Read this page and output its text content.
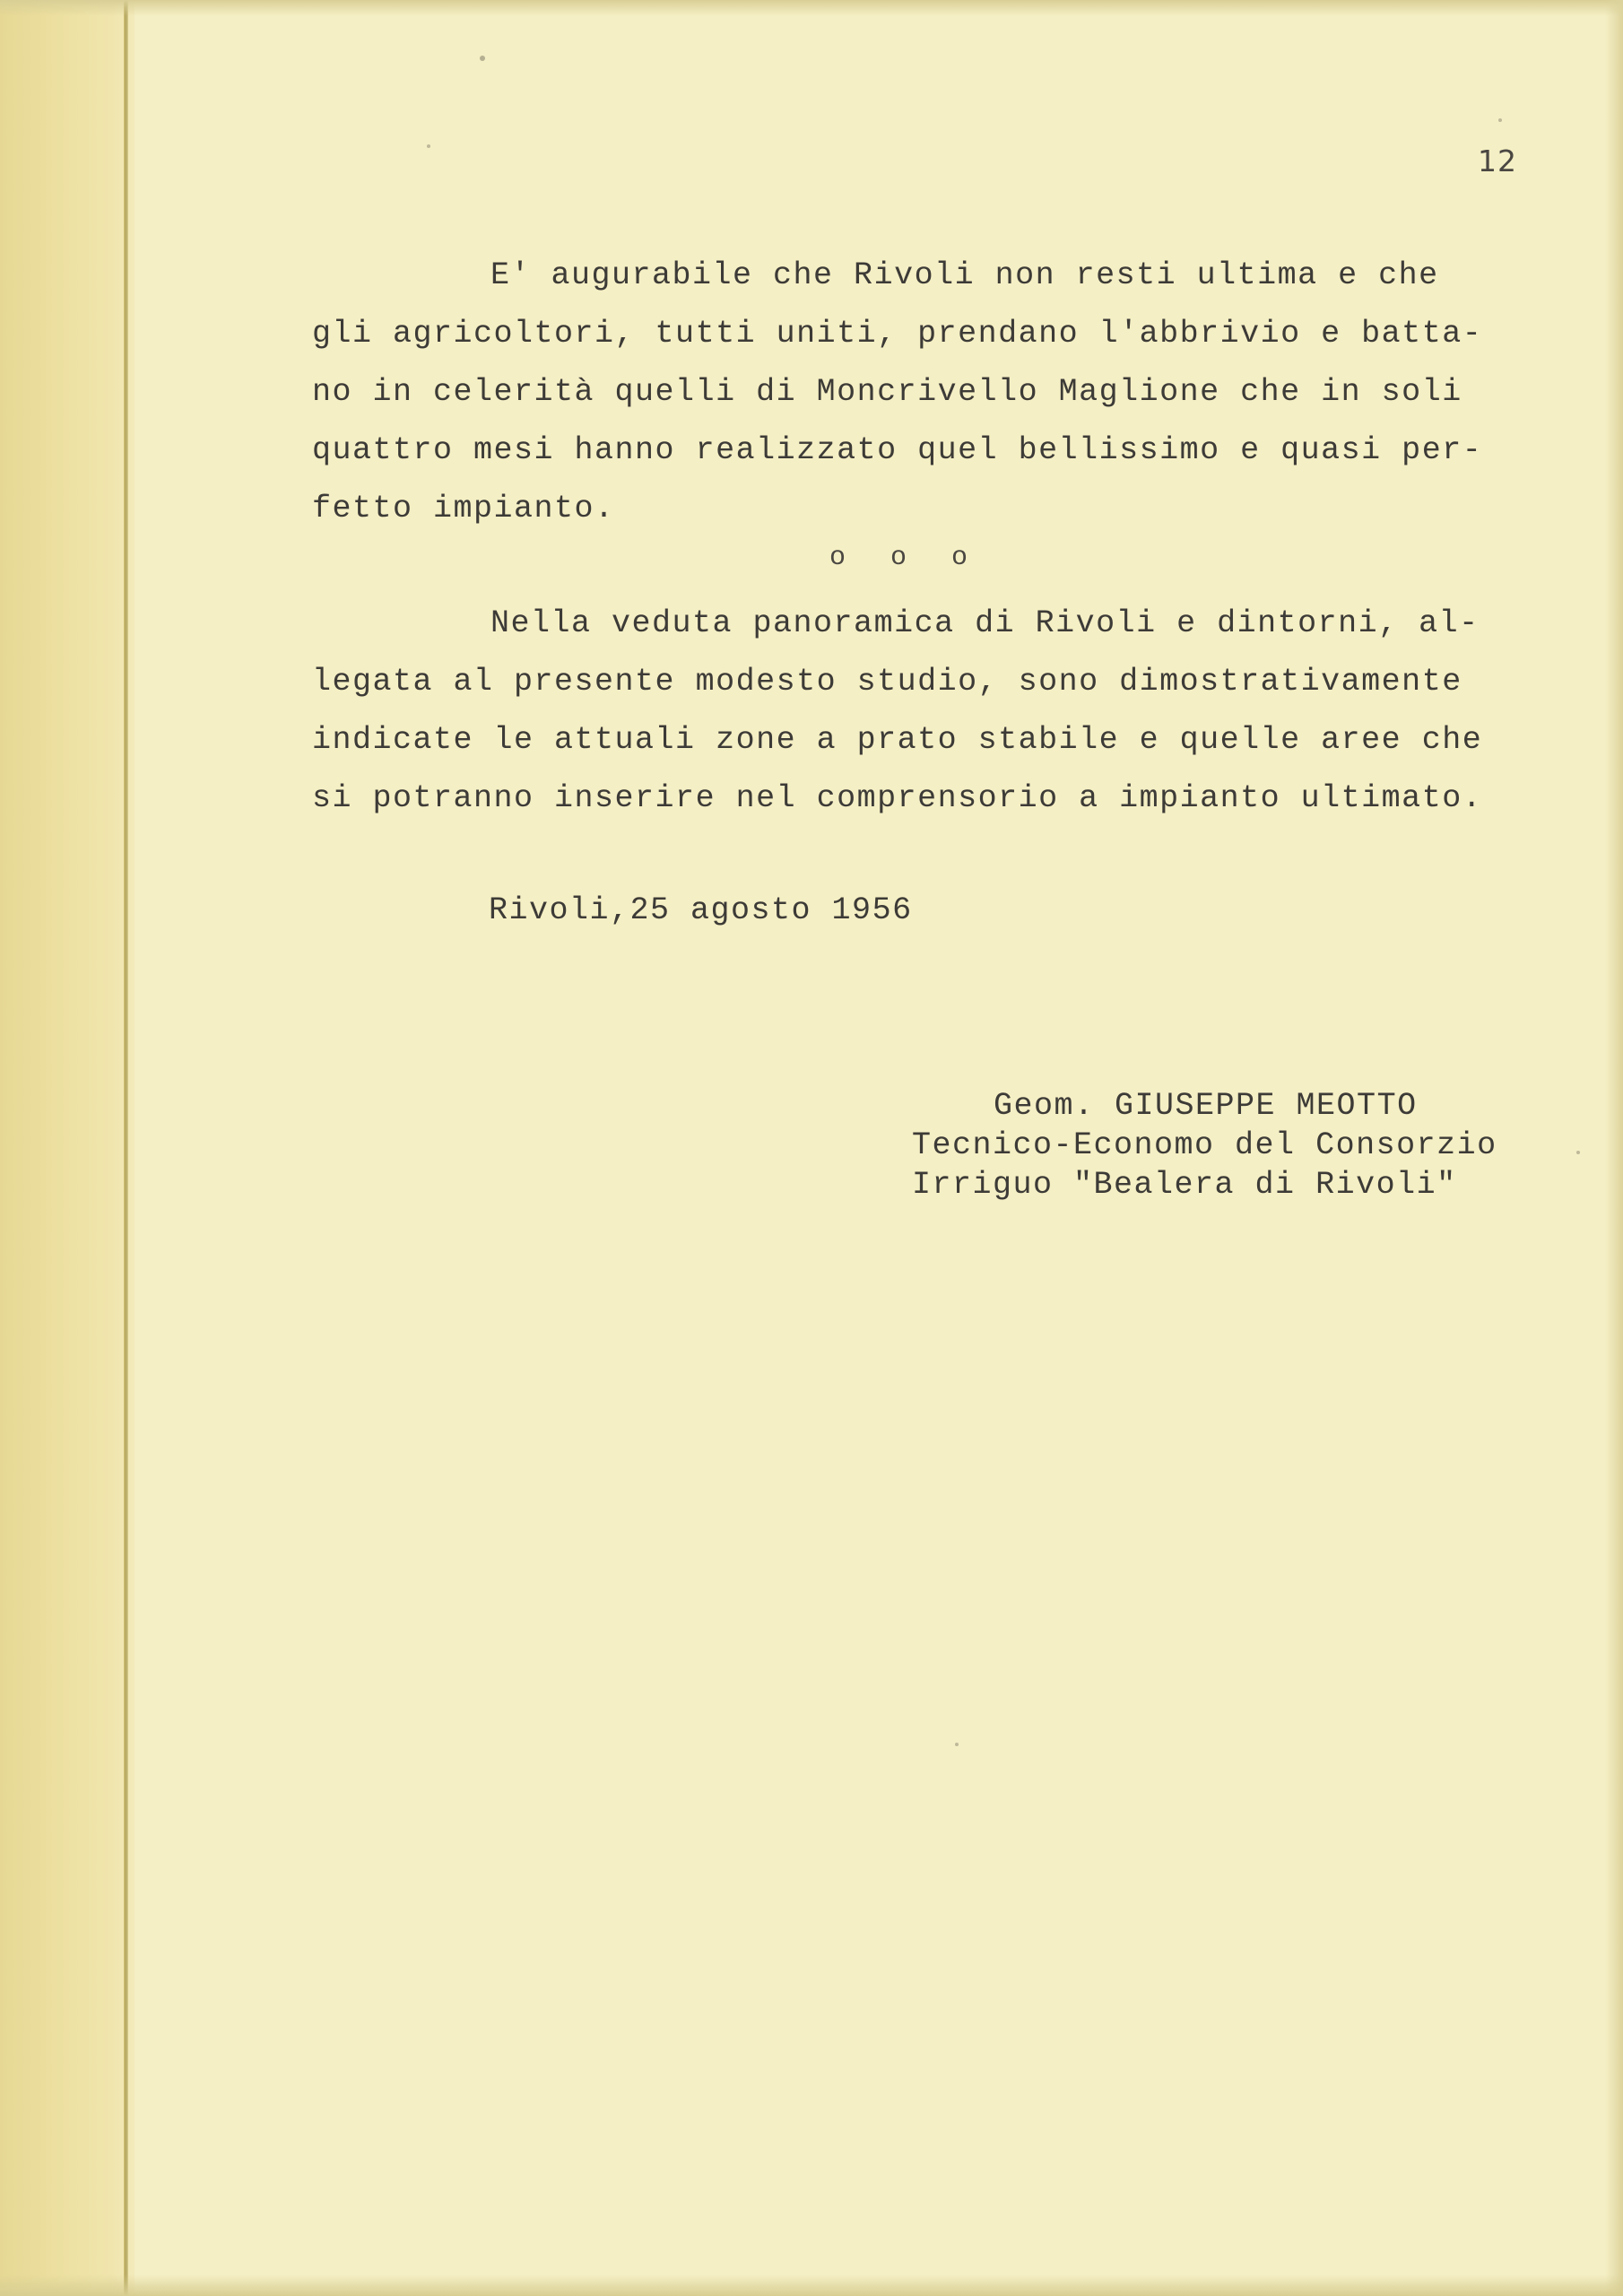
12
E' augurabile che Rivoli non resti ultima e che
gli agricoltori, tutti uniti, prendano l'abbrivio e batta-
no in celerità quelli di Moncrivello Maglione che in soli
quattro mesi hanno realizzato quel bellissimo e quasi per-
fetto impianto.
o o o
Nella veduta panoramica di Rivoli e dintorni, al-
legata al presente modesto studio, sono dimostrativamente
indicate le attuali zone a prato stabile e quelle aree che
si potranno inserire nel comprensorio a impianto ultimato.
Rivoli,25 agosto 1956
Geom. GIUSEPPE MEOTTO
Tecnico-Economo del Consorzio
Irriguo "Bealera di Rivoli"
